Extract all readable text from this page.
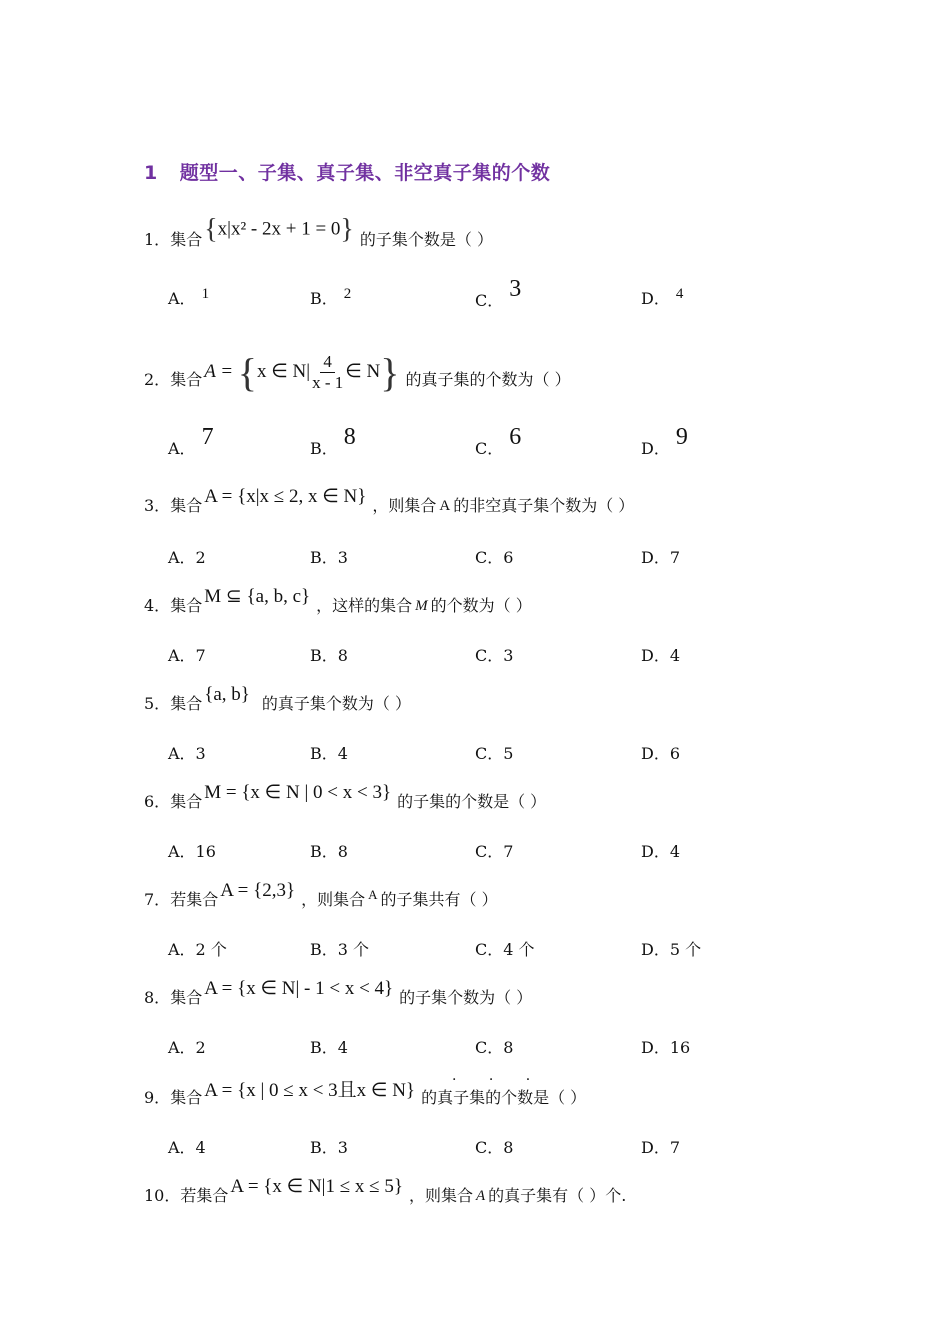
1 题型一、子集、真子集、非空真子集的个数
1． 集合 {x|x² - 2x + 1 = 0} 的子集个数是（ ）
A． 1	B． 2	C． 3	D． 4
2． 集合 A = {x ∈ $N| \frac{4}{x - 1}$ ∈ N} 的真子集的个数为（ ）
A． 7	B． 8	C． 6	D． 9
3． 集合 A = {x|x ≤ 2, x ∈ N} ，则集合 A 的非空真子集个数为（ ）
A．2	B．3	C．6	D．7
4． 集合 M ⊆ {a, b, c} ，这样的集合 M 的个数为（ ）
A．7	B．8	C．3	D．4
5． 集合 {a, b} 的真子集个数为（ ）
A．3	B．4	C．5	D．6
6． 集合 M = {x ∈ N | 0 < x < 3} 的子集的个数是（ ）
A．16	B．8	C．7	D．4
7． 若集合 A = {2,3} ，则集合 A 的子集共有（ ）
A．2 个	B．3 个	C．4 个	D．5 个
8． 集合 A = {x ∈ N| - 1 < x < 4} 的子集个数为（ ）
A．2	B．4	C．8	D．16
9． 集合 A = {x | 0 ≤ x < 3且x ∈ N} 的真子集的个数是（ ）
· · ·
A．4	B．3	C．8	D．7
10． 若集合 A = {x ∈ N|1 ≤ x ≤ 5} ，则集合 A 的真子集有（ ）个.
